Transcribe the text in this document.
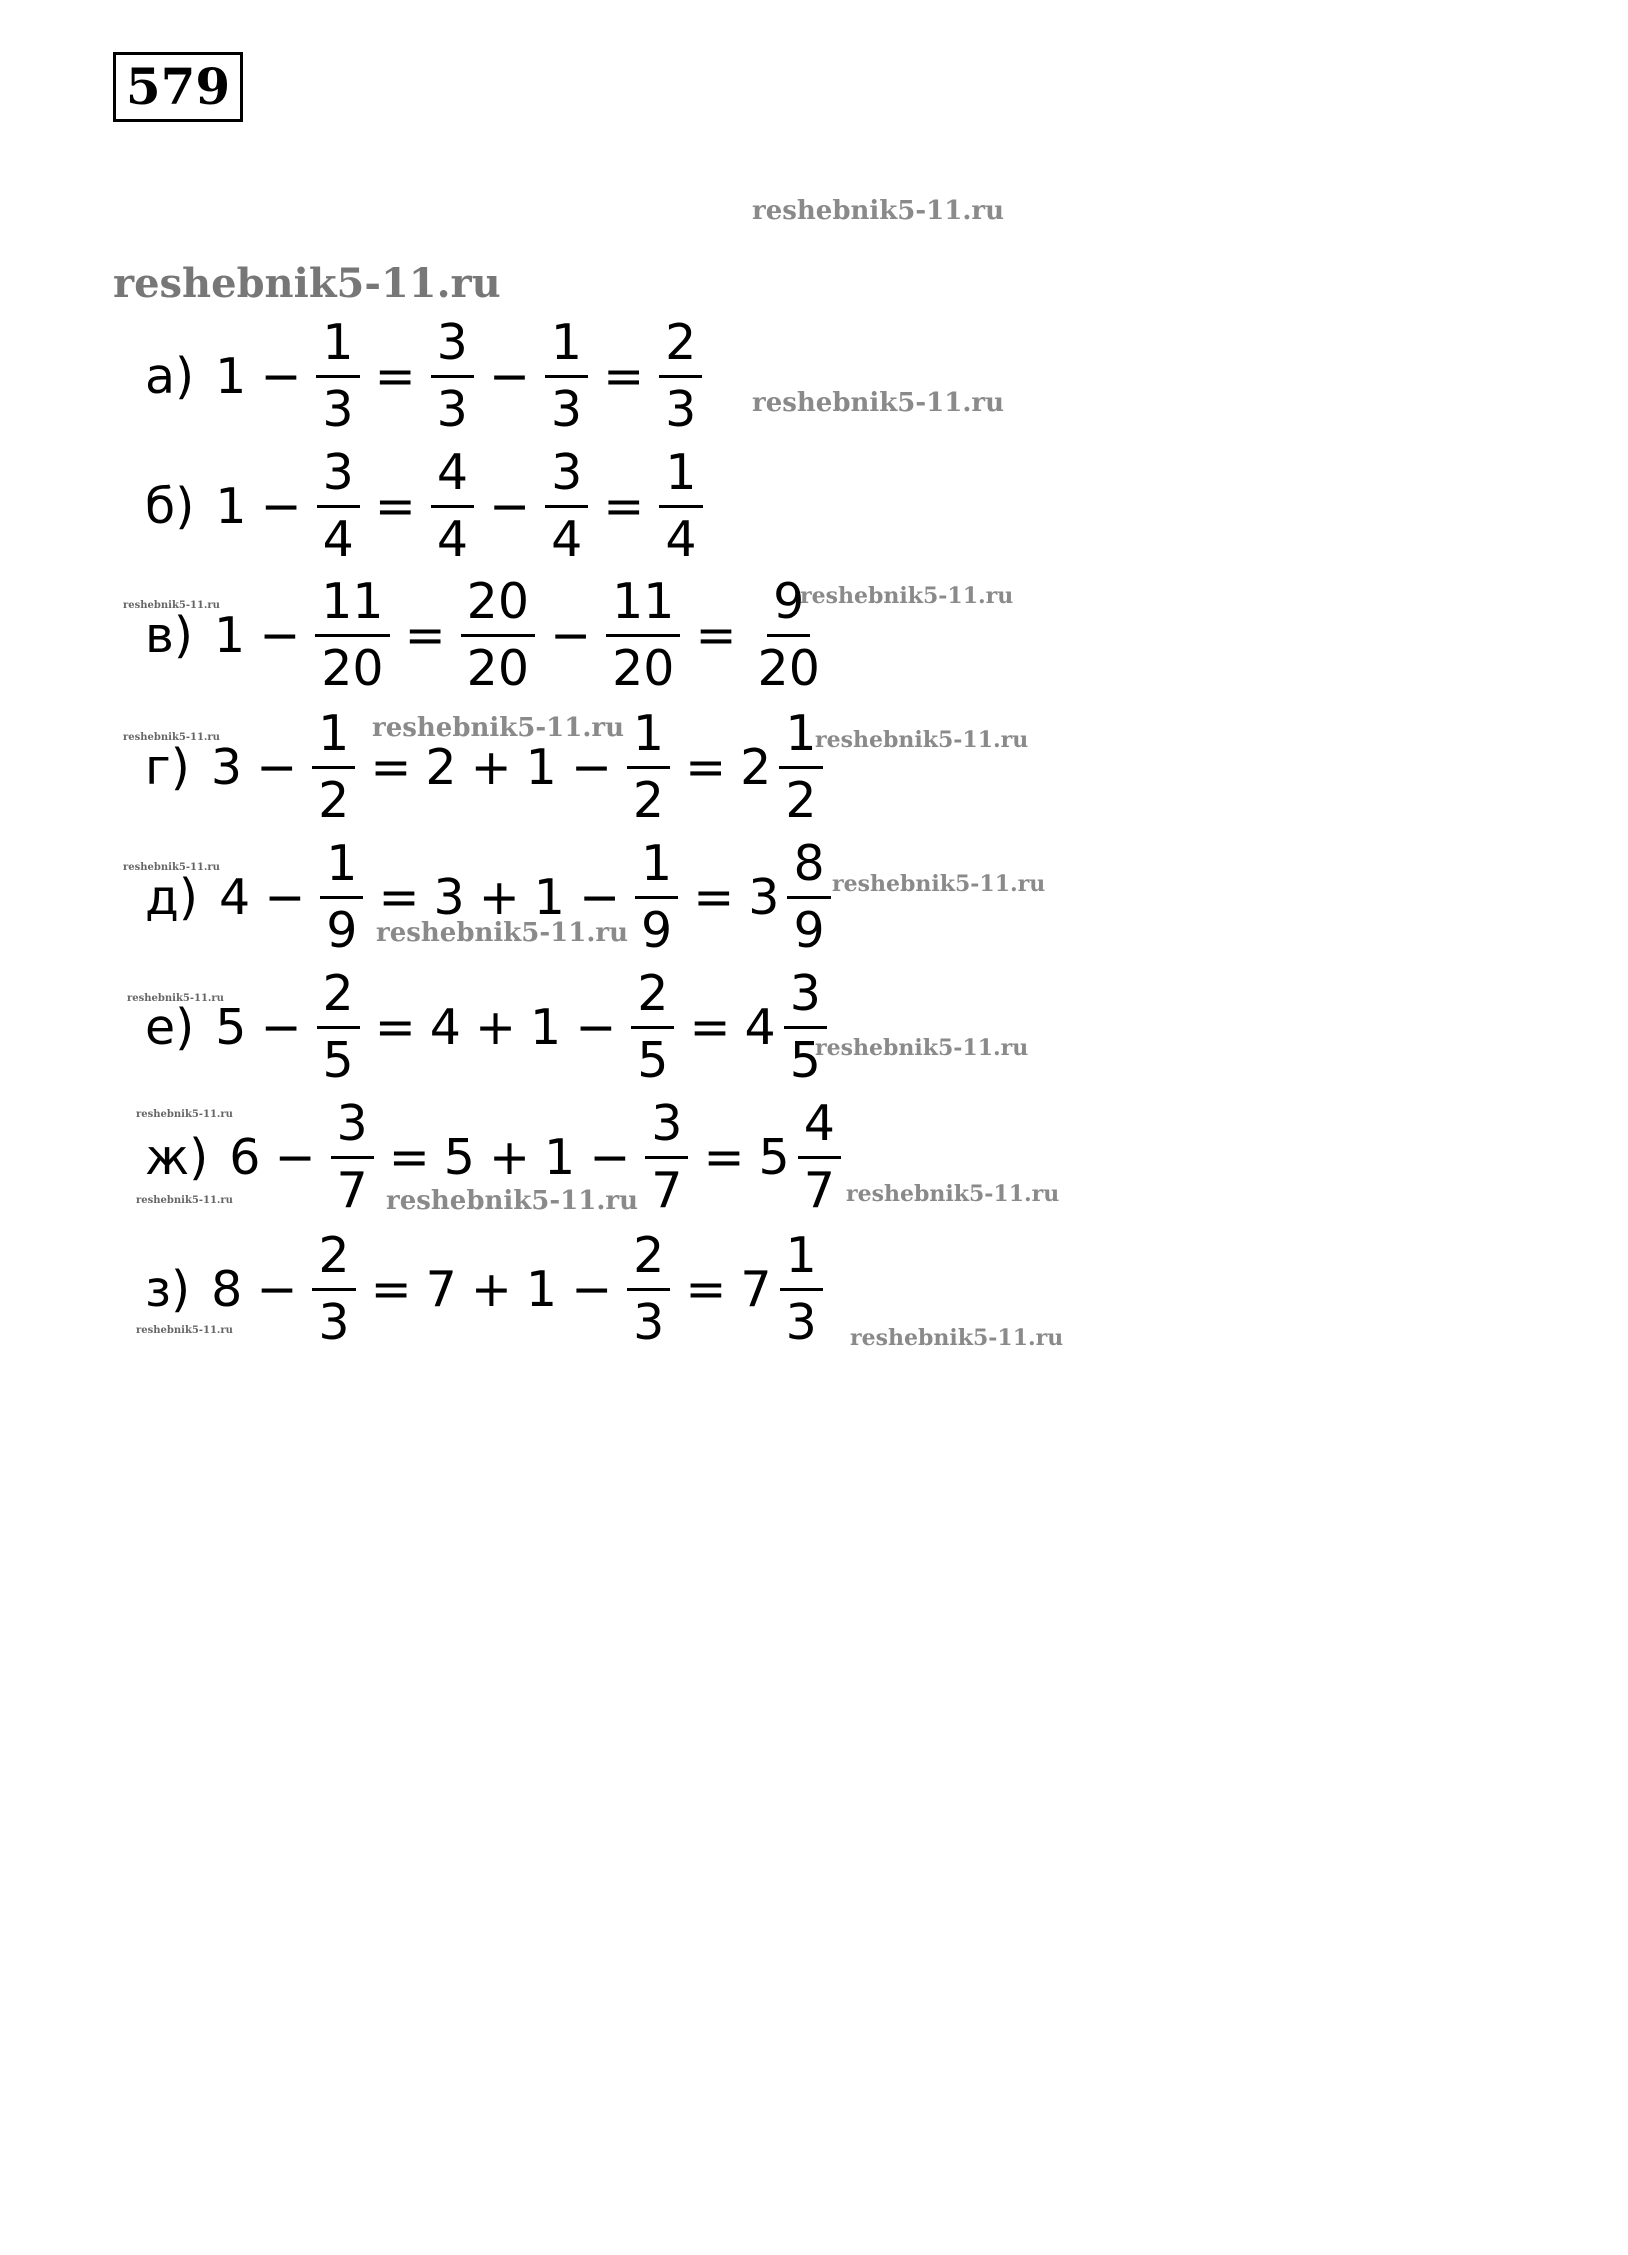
579
reshebnik5-11.ru
reshebnik5-11.ru
reshebnik5-11.ru
reshebnik5-11.ru
reshebnik5-11.ru
reshebnik5-11.ru	reshebnik5-11.ru
reshebnik5-11.ru
reshebnik5-11.ru
reshebnik5-11.ru
reshebnik5-11.ru
reshebnik5-11.ru
reshebnik5-11.ru
reshebnik5-11.ru
reshebnik5-11.ru
reshebnik5-11.ru	reshebnik5-11.ru
reshebnik5-11.ru	reshebnik5-11.ru
а) $1 - \frac{1}{3} = \frac{3}{3} - \frac{1}{3} = \frac{2}{3}$
б) $1 - \frac{3}{4} = \frac{4}{4} - \frac{3}{4} = \frac{1}{4}$
в) $1 - \frac{11}{20} = \frac{20}{20} - \frac{11}{20} = \frac{9}{20}$
г) $3 - \frac{1}{2} = 2 + 1 - \frac{1}{2} = 2 \frac{1}{2}$
д) $4 - \frac{1}{9} = 3 + 1 - \frac{1}{9} = 3 \frac{8}{9}$
е) $5 - \frac{2}{5} = 4 + 1 - \frac{2}{5} = 4 \frac{3}{5}$
ж) $6 - \frac{3}{7} = 5 + 1 - \frac{3}{7} = 5 \frac{4}{7}$
з) $8 - \frac{2}{3} = 7 + 1 - \frac{2}{3} = 7 \frac{1}{3}$
